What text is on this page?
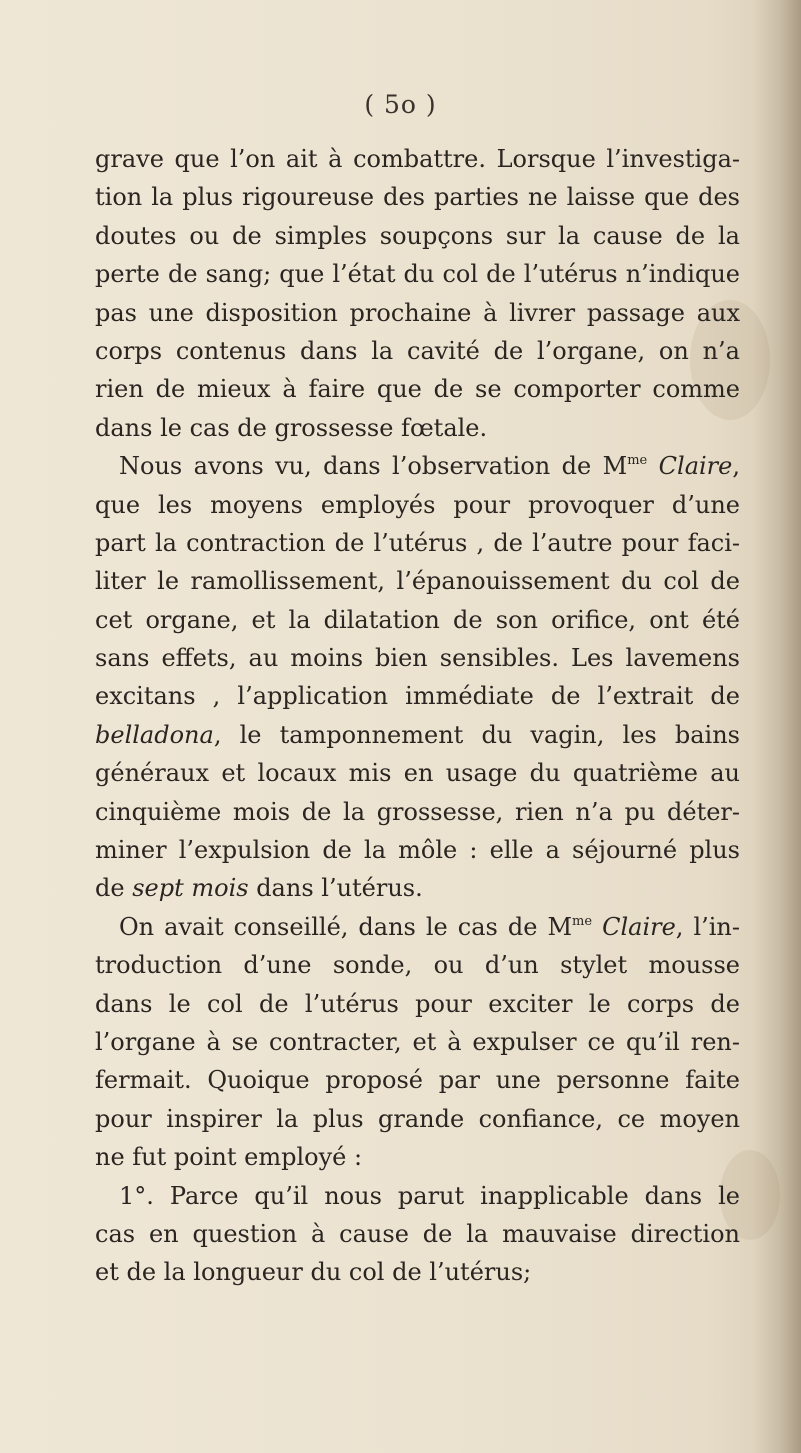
( 5o )
grave que l’on ait à combattre. Lorsque l’investiga-
tion la plus rigoureuse des parties ne laisse que des
doutes ou de simples soupçons sur la cause de la
perte de sang; que l’état du col de l’utérus n’indique
pas une disposition prochaine à livrer passage aux
corps contenus dans la cavité de l’organe, on n’a
rien de mieux à faire que de se comporter comme
dans le cas de grossesse fœtale.
Nous avons vu, dans l’observation de $M^{me}$ Claire,
que les moyens employés pour provoquer d’une
part la contraction de l’utérus , de l’autre pour faci-
liter le ramollissement, l’épanouissement du col de
cet organe, et la dilatation de son orifice, ont été
sans effets, au moins bien sensibles. Les lavemens
excitans , l’application immédiate de l’extrait de
belladona, le tamponnement du vagin, les bains
généraux et locaux mis en usage du quatrième au
cinquième mois de la grossesse, rien n’a pu déter-
miner l’expulsion de la môle : elle a séjourné plus
de sept mois dans l’utérus.
On avait conseillé, dans le cas de $M^{me}$ Claire, l’in-
troduction d’une sonde, ou d’un stylet mousse
dans le col de l’utérus pour exciter le corps de
l’organe à se contracter, et à expulser ce qu’il ren-
fermait. Quoique proposé par une personne faite
pour inspirer la plus grande confiance, ce moyen
ne fut point employé :
1°. Parce qu’il nous parut inapplicable dans le
cas en question à cause de la mauvaise direction
et de la longueur du col de l’utérus;
